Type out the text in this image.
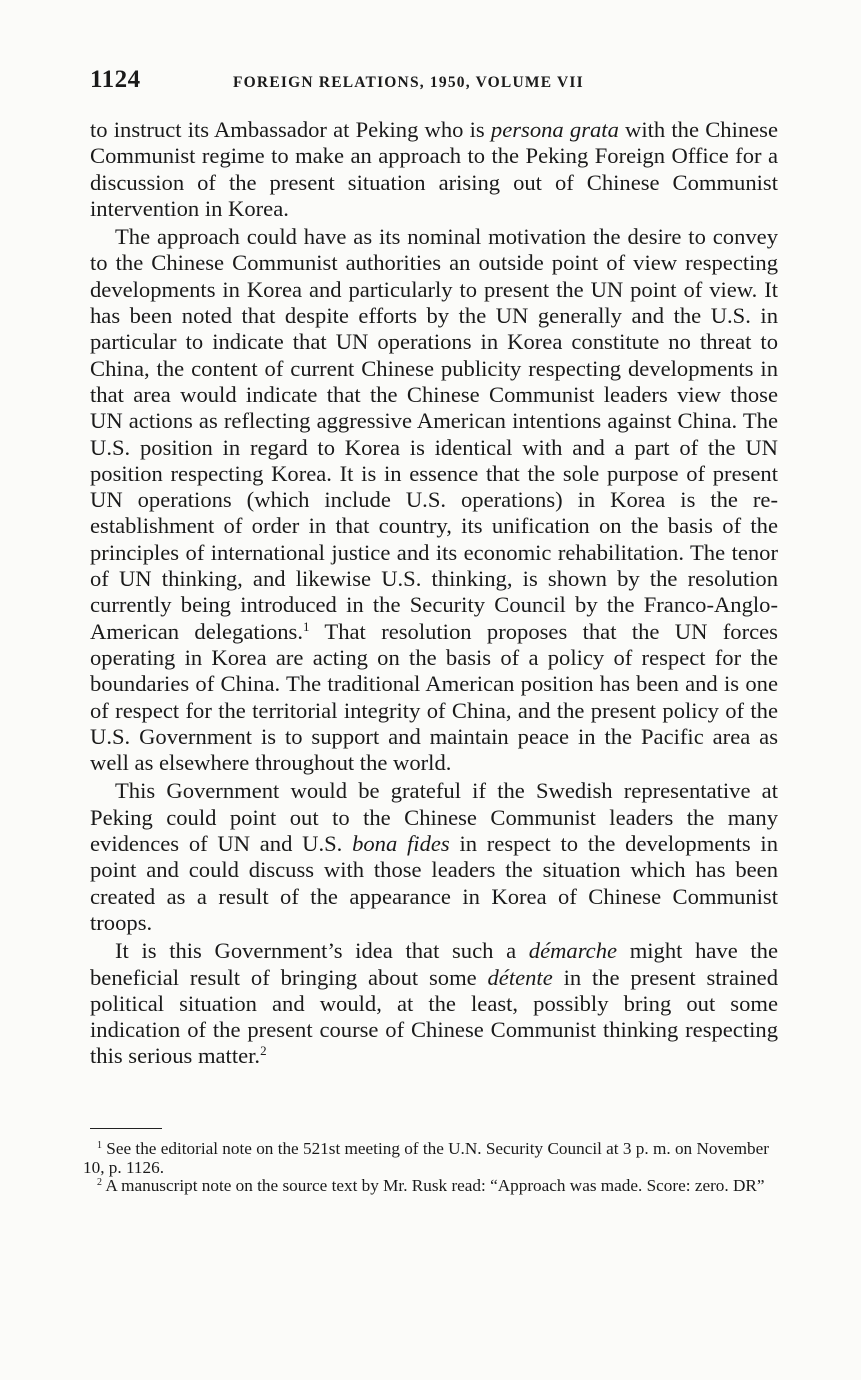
1124	FOREIGN RELATIONS, 1950, VOLUME VII

to instruct its Ambassador at Peking who is persona grata with the Chinese Communist regime to make an approach to the Peking Foreign Office for a discussion of the present situation arising out of Chinese Communist intervention in Korea.

The approach could have as its nominal motivation the desire to convey to the Chinese Communist authorities an outside point of view respecting developments in Korea and particularly to present the UN point of view. It has been noted that despite efforts by the UN generally and the U.S. in particular to indicate that UN operations in Korea constitute no threat to China, the content of current Chinese publicity respecting developments in that area would indicate that the Chinese Communist leaders view those UN actions as reflecting aggressive American intentions against China. The U.S. position in regard to Korea is identical with and a part of the UN position respecting Korea. It is in essence that the sole purpose of present UN operations (which include U.S. operations) in Korea is the reestablishment of order in that country, its unification on the basis of the principles of international justice and its economic rehabilitation. The tenor of UN thinking, and likewise U.S. thinking, is shown by the resolution currently being introduced in the Security Council by the Franco-Anglo-American delegations.$^1$ That resolution proposes that the UN forces operating in Korea are acting on the basis of a policy of respect for the boundaries of China. The traditional American position has been and is one of respect for the territorial integrity of China, and the present policy of the U.S. Government is to support and maintain peace in the Pacific area as well as elsewhere throughout the world.

This Government would be grateful if the Swedish representative at Peking could point out to the Chinese Communist leaders the many evidences of UN and U.S. bona fides in respect to the developments in point and could discuss with those leaders the situation which has been created as a result of the appearance in Korea of Chinese Communist troops.

It is this Government’s idea that such a démarche might have the beneficial result of bringing about some détente in the present strained political situation and would, at the least, possibly bring out some indication of the present course of Chinese Communist thinking respecting this serious matter.$^2$

$^1$ See the editorial note on the 521st meeting of the U.N. Security Council at 3 p. m. on November 10, p. 1126.

$^2$ A manuscript note on the source text by Mr. Rusk read: “Approach was made. Score: zero. DR”
